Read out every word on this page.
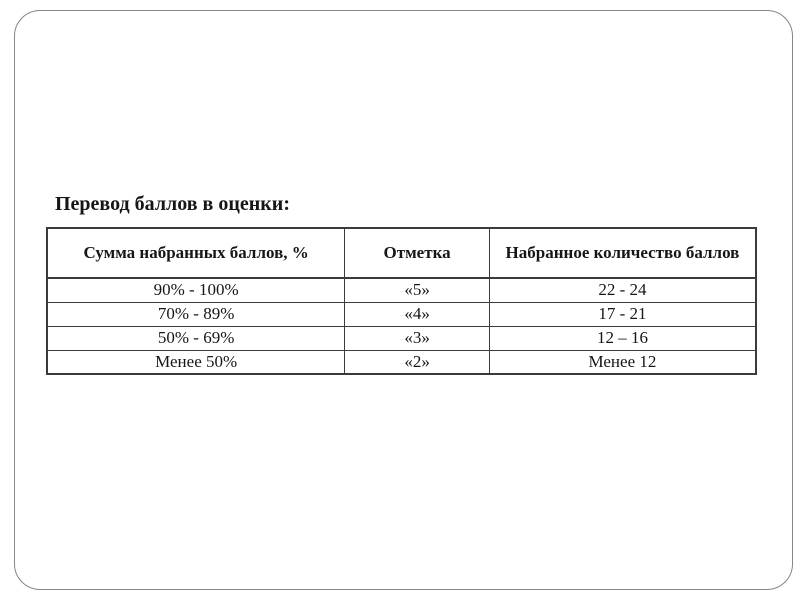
Перевод баллов в оценки:
Сумма набранных баллов, %	Отметка	Набранное количество баллов
90% - 100%	«5»	22 - 24
70% - 89%	«4»	17 - 21
50% - 69%	«3»	12 – 16
Менее 50%	«2»	Менее 12
